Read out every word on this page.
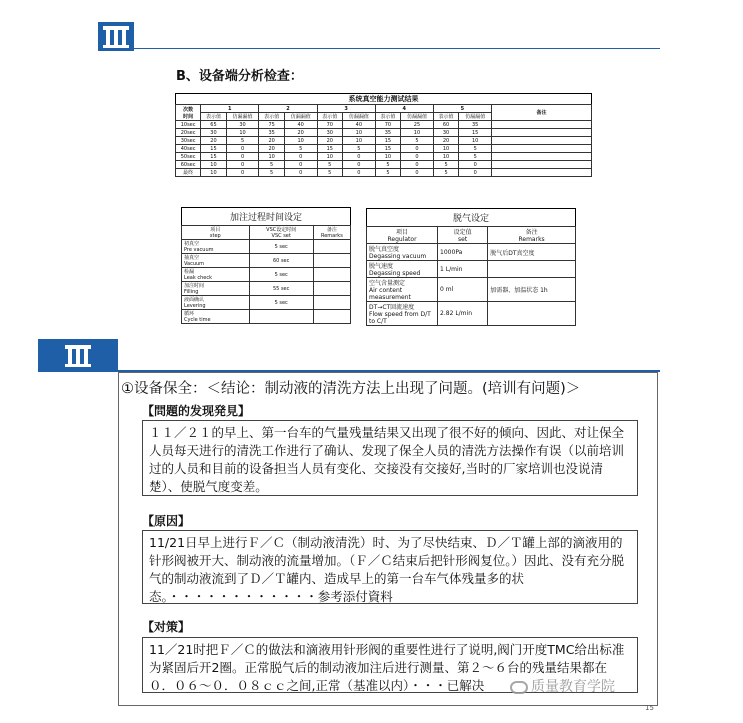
B、设备端分析检查：
系统真空能力测试结果
次数
时间	1		2		3		4		5		备注
	表示值	仿漏漏值	表示值	仿漏漏值	表示值	仿漏漏值	表示值	仿漏漏值	表示值	仿漏漏值	
10sec	65	30	75	40	70	40	70	25	60	35	
20sec	30	10	35	20	30	10	35	10	30	15	
30sec	20	5	20	10	20	10	15	5	20	10	
40sec	15	0	20	5	15	5	15	0	10	5	
50sec	15	0	10	0	10	0	10	0	10	5	
60sec	10	0	5	0	5	0	5	0	5	0	
最终	10	0	5	0	5	0	5	0	5	0	
加注过程时间设定
项目
step	VSC设定时间
VSC set	备注
Remarks
初真空
Pre vacuum	5 sec	
抽真空
Vacuum	60 sec	
检漏
Leak check	5 sec	
加注时间
Filling	55 sec	
液面确认
Levering	5 sec	
循环
Cycle time		
脱气设定
项目
Regulator	设定值
set	备注
Remarks
脱气真空度
Degassing vacuum	1000Pa	脱气后DT真空度
脱气速度
Degassing speed	1 L/min	
空气含量测定
Air content measurement	0 ml	加需器、加温状态 1h
DT→CT回流速度
Flow speed from D/T to C/T	2.82 L/min	
①设备保全：＜结论：制动液的清洗方法上出现了问题。(培训有问题)＞
【問題的发现発見】
１１／２１的早上、第一台车的气量残量结果又出现了很不好的倾向、因此、对让保全人员每天进行的清洗工作进行了确认、发现了保全人员的清洗方法操作有误（以前培训过的人员和目前的设备担当人员有变化、交接没有交接好,当时的厂家培训也没说清楚）、使脱气度变差。
【原因】
11/21日早上进行Ｆ／Ｃ（制动液清洗）时、为了尽快结束、Ｄ／Ｔ罐上部的滴液用的针形阀被开大、制动液的流量增加。（Ｆ／Ｃ结束后把针形阀复位。）因此、没有充分脱气的制动液流到了Ｄ／Ｔ罐内、造成早上的第一台车气体残量多的状态。・・・・・・・・・・・・参考添付資料
【对策】
11／21时把Ｆ／Ｃ的做法和滴液用针形阀的重要性进行了说明,阀门开度TMC给出标准为紧固后开2圈。正常脱气后的制动液加注后进行测量、第２～６台的残量结果都在０．０６～０．０８ｃｃ之间,正常（基准以内）・・・已解决	质量教育学院
15
